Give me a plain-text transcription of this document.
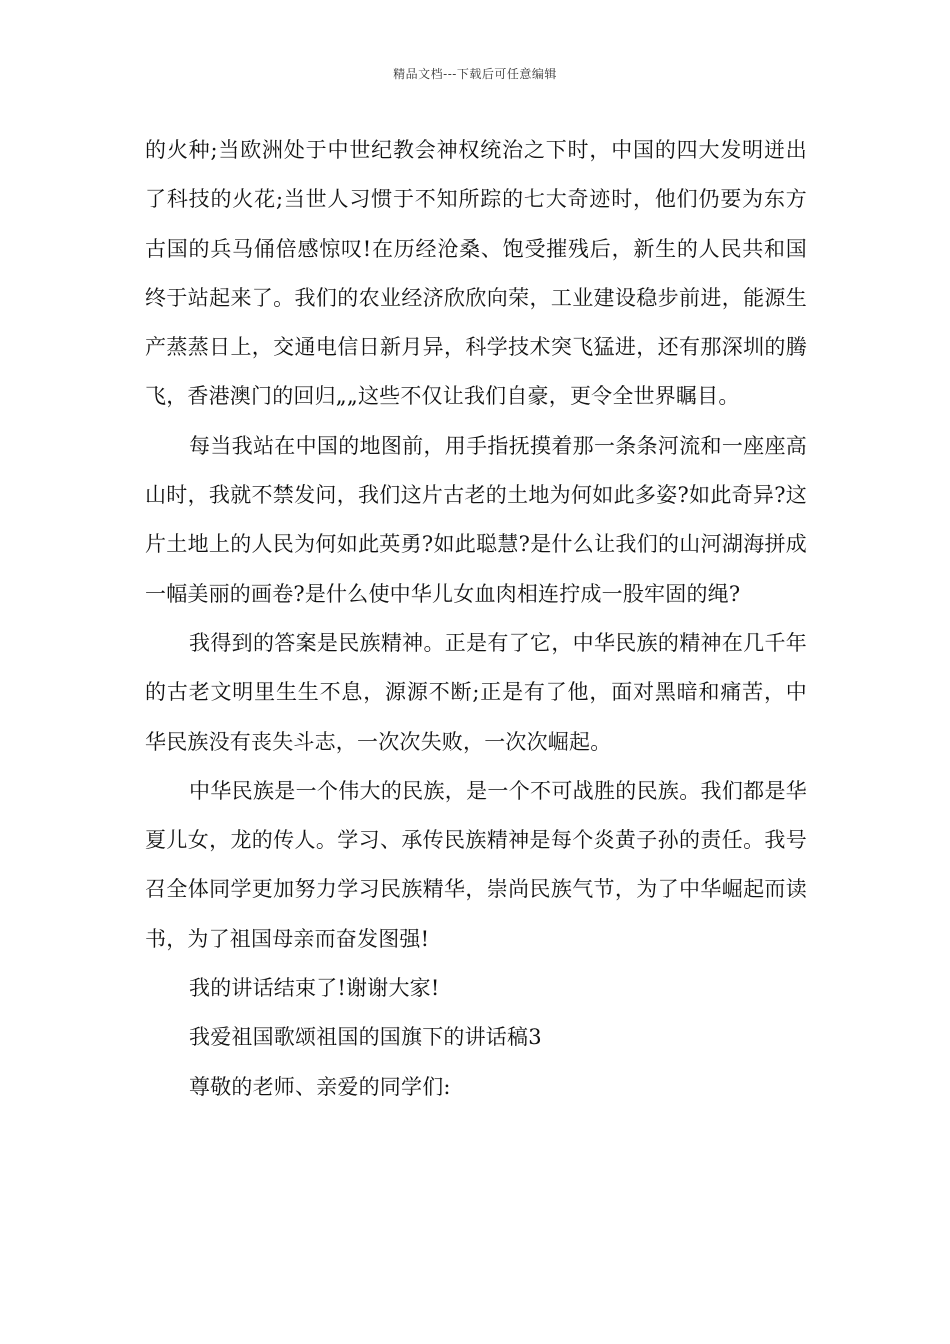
精品文档---下载后可任意编辑

的火种;当欧洲处于中世纪教会神权统治之下时，中国的四大发明迸出了科技的火花;当世人习惯于不知所踪的七大奇迹时，他们仍要为东方古国的兵马俑倍感惊叹!在历经沧桑、饱受摧残后，新生的人民共和国终于站起来了。我们的农业经济欣欣向荣，工业建设稳步前进，能源生产蒸蒸日上，交通电信日新月异，科学技术突飞猛进，还有那深圳的腾飞，香港澳门的回归„„这些不仅让我们自豪，更令全世界瞩目。

每当我站在中国的地图前，用手指抚摸着那一条条河流和一座座高山时，我就不禁发问，我们这片古老的土地为何如此多姿?如此奇异?这片土地上的人民为何如此英勇?如此聪慧?是什么让我们的山河湖海拼成一幅美丽的画卷?是什么使中华儿女血肉相连拧成一股牢固的绳?

我得到的答案是民族精神。正是有了它，中华民族的精神在几千年的古老文明里生生不息，源源不断;正是有了他，面对黑暗和痛苦，中华民族没有丧失斗志，一次次失败，一次次崛起。

中华民族是一个伟大的民族，是一个不可战胜的民族。我们都是华夏儿女，龙的传人。学习、承传民族精神是每个炎黄子孙的责任。我号召全体同学更加努力学习民族精华，崇尚民族气节，为了中华崛起而读书，为了祖国母亲而奋发图强!

我的讲话结束了!谢谢大家!

我爱祖国歌颂祖国的国旗下的讲话稿3

尊敬的老师、亲爱的同学们:
